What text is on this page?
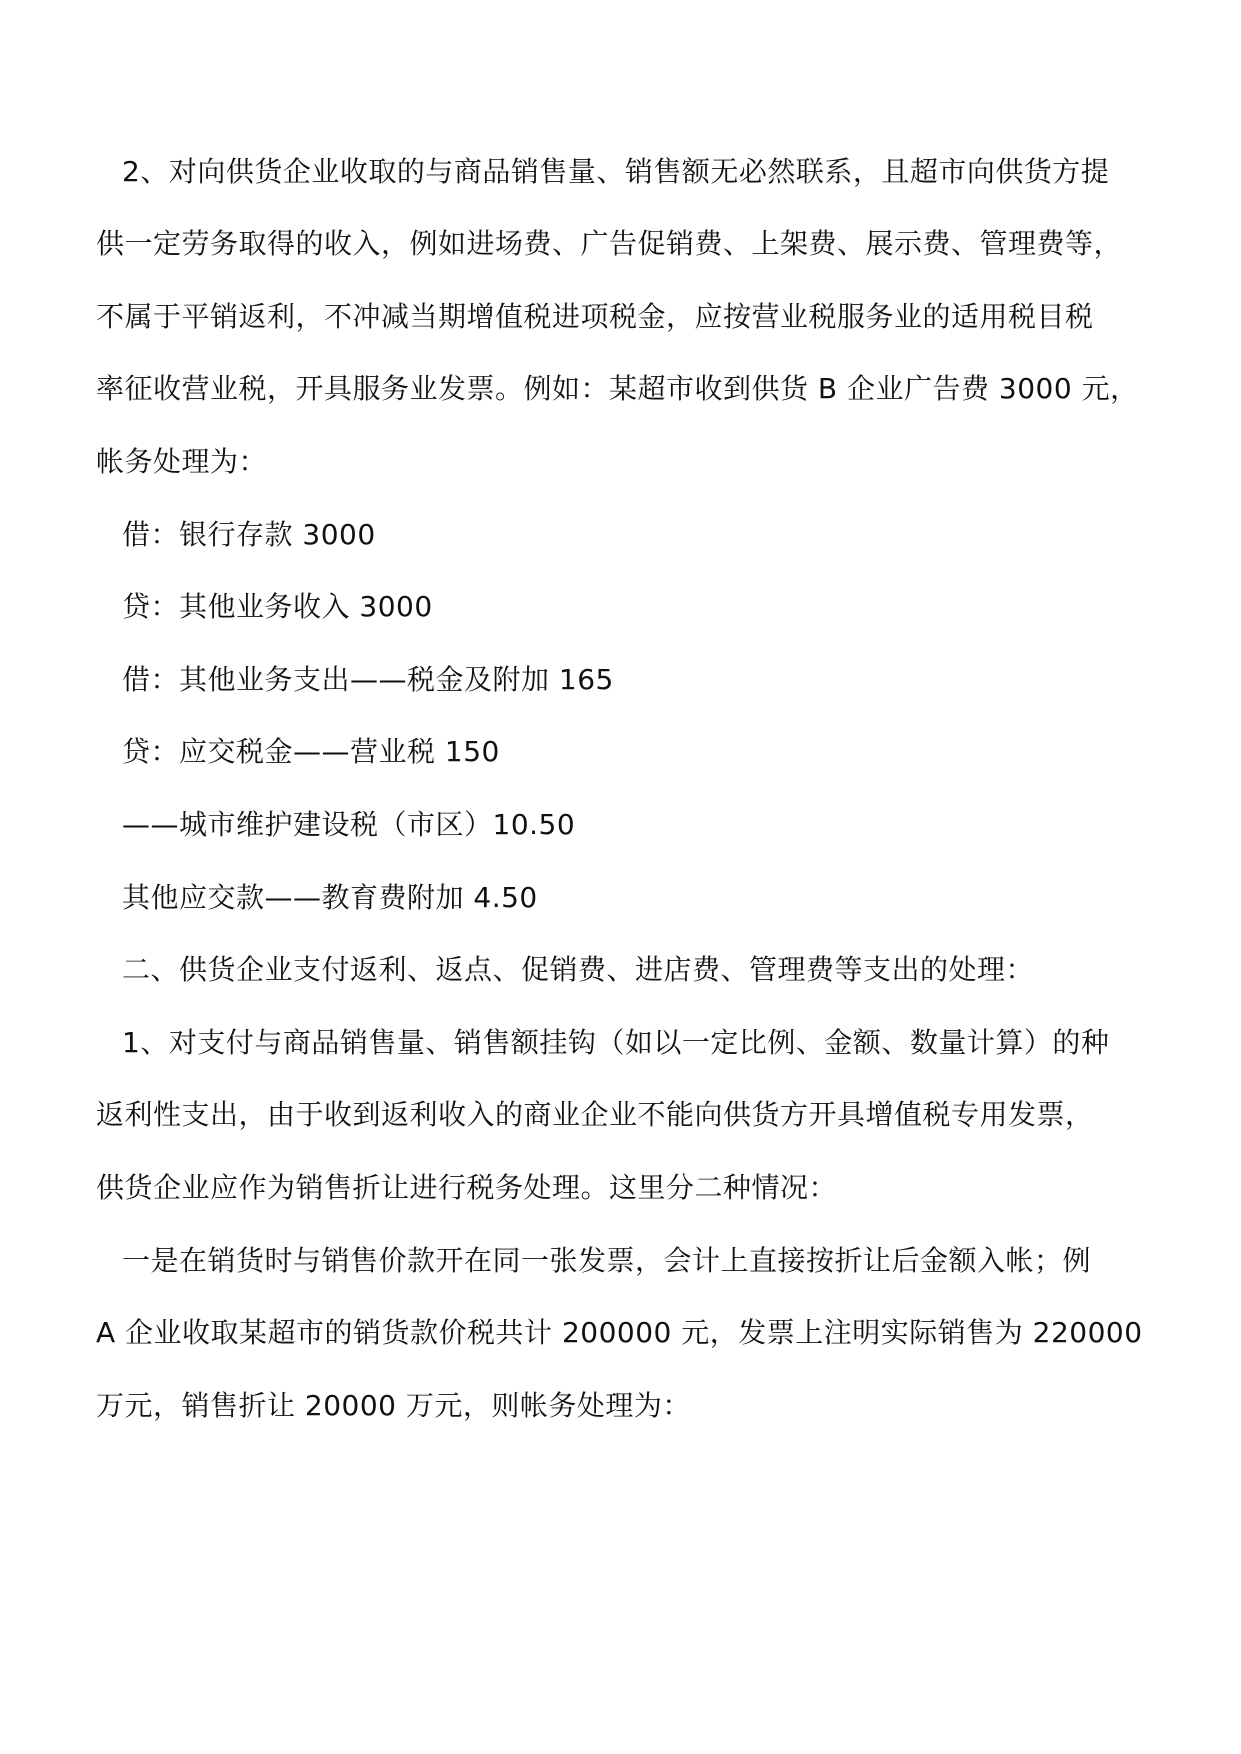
2、对向供货企业收取的与商品销售量、销售额无必然联系，且超市向供货方提
供一定劳务取得的收入，例如进场费、广告促销费、上架费、展示费、管理费等，
不属于平销返利，不冲减当期增值税进项税金，应按营业税服务业的适用税目税
率征收营业税，开具服务业发票。例如：某超市收到供货 B 企业广告费 3000 元，
帐务处理为：
借：银行存款 3000
贷：其他业务收入 3000
借：其他业务支出——税金及附加 165
贷：应交税金——营业税 150
——城市维护建设税（市区）10.50
其他应交款——教育费附加 4.50
二、供货企业支付返利、返点、促销费、进店费、管理费等支出的处理：
1、对支付与商品销售量、销售额挂钩（如以一定比例、金额、数量计算）的种
返利性支出，由于收到返利收入的商业企业不能向供货方开具增值税专用发票，
供货企业应作为销售折让进行税务处理。这里分二种情况：
一是在销货时与销售价款开在同一张发票，会计上直接按折让后金额入帐；例
A 企业收取某超市的销货款价税共计 200000 元，发票上注明实际销售为 220000
万元，销售折让 20000 万元，则帐务处理为：
